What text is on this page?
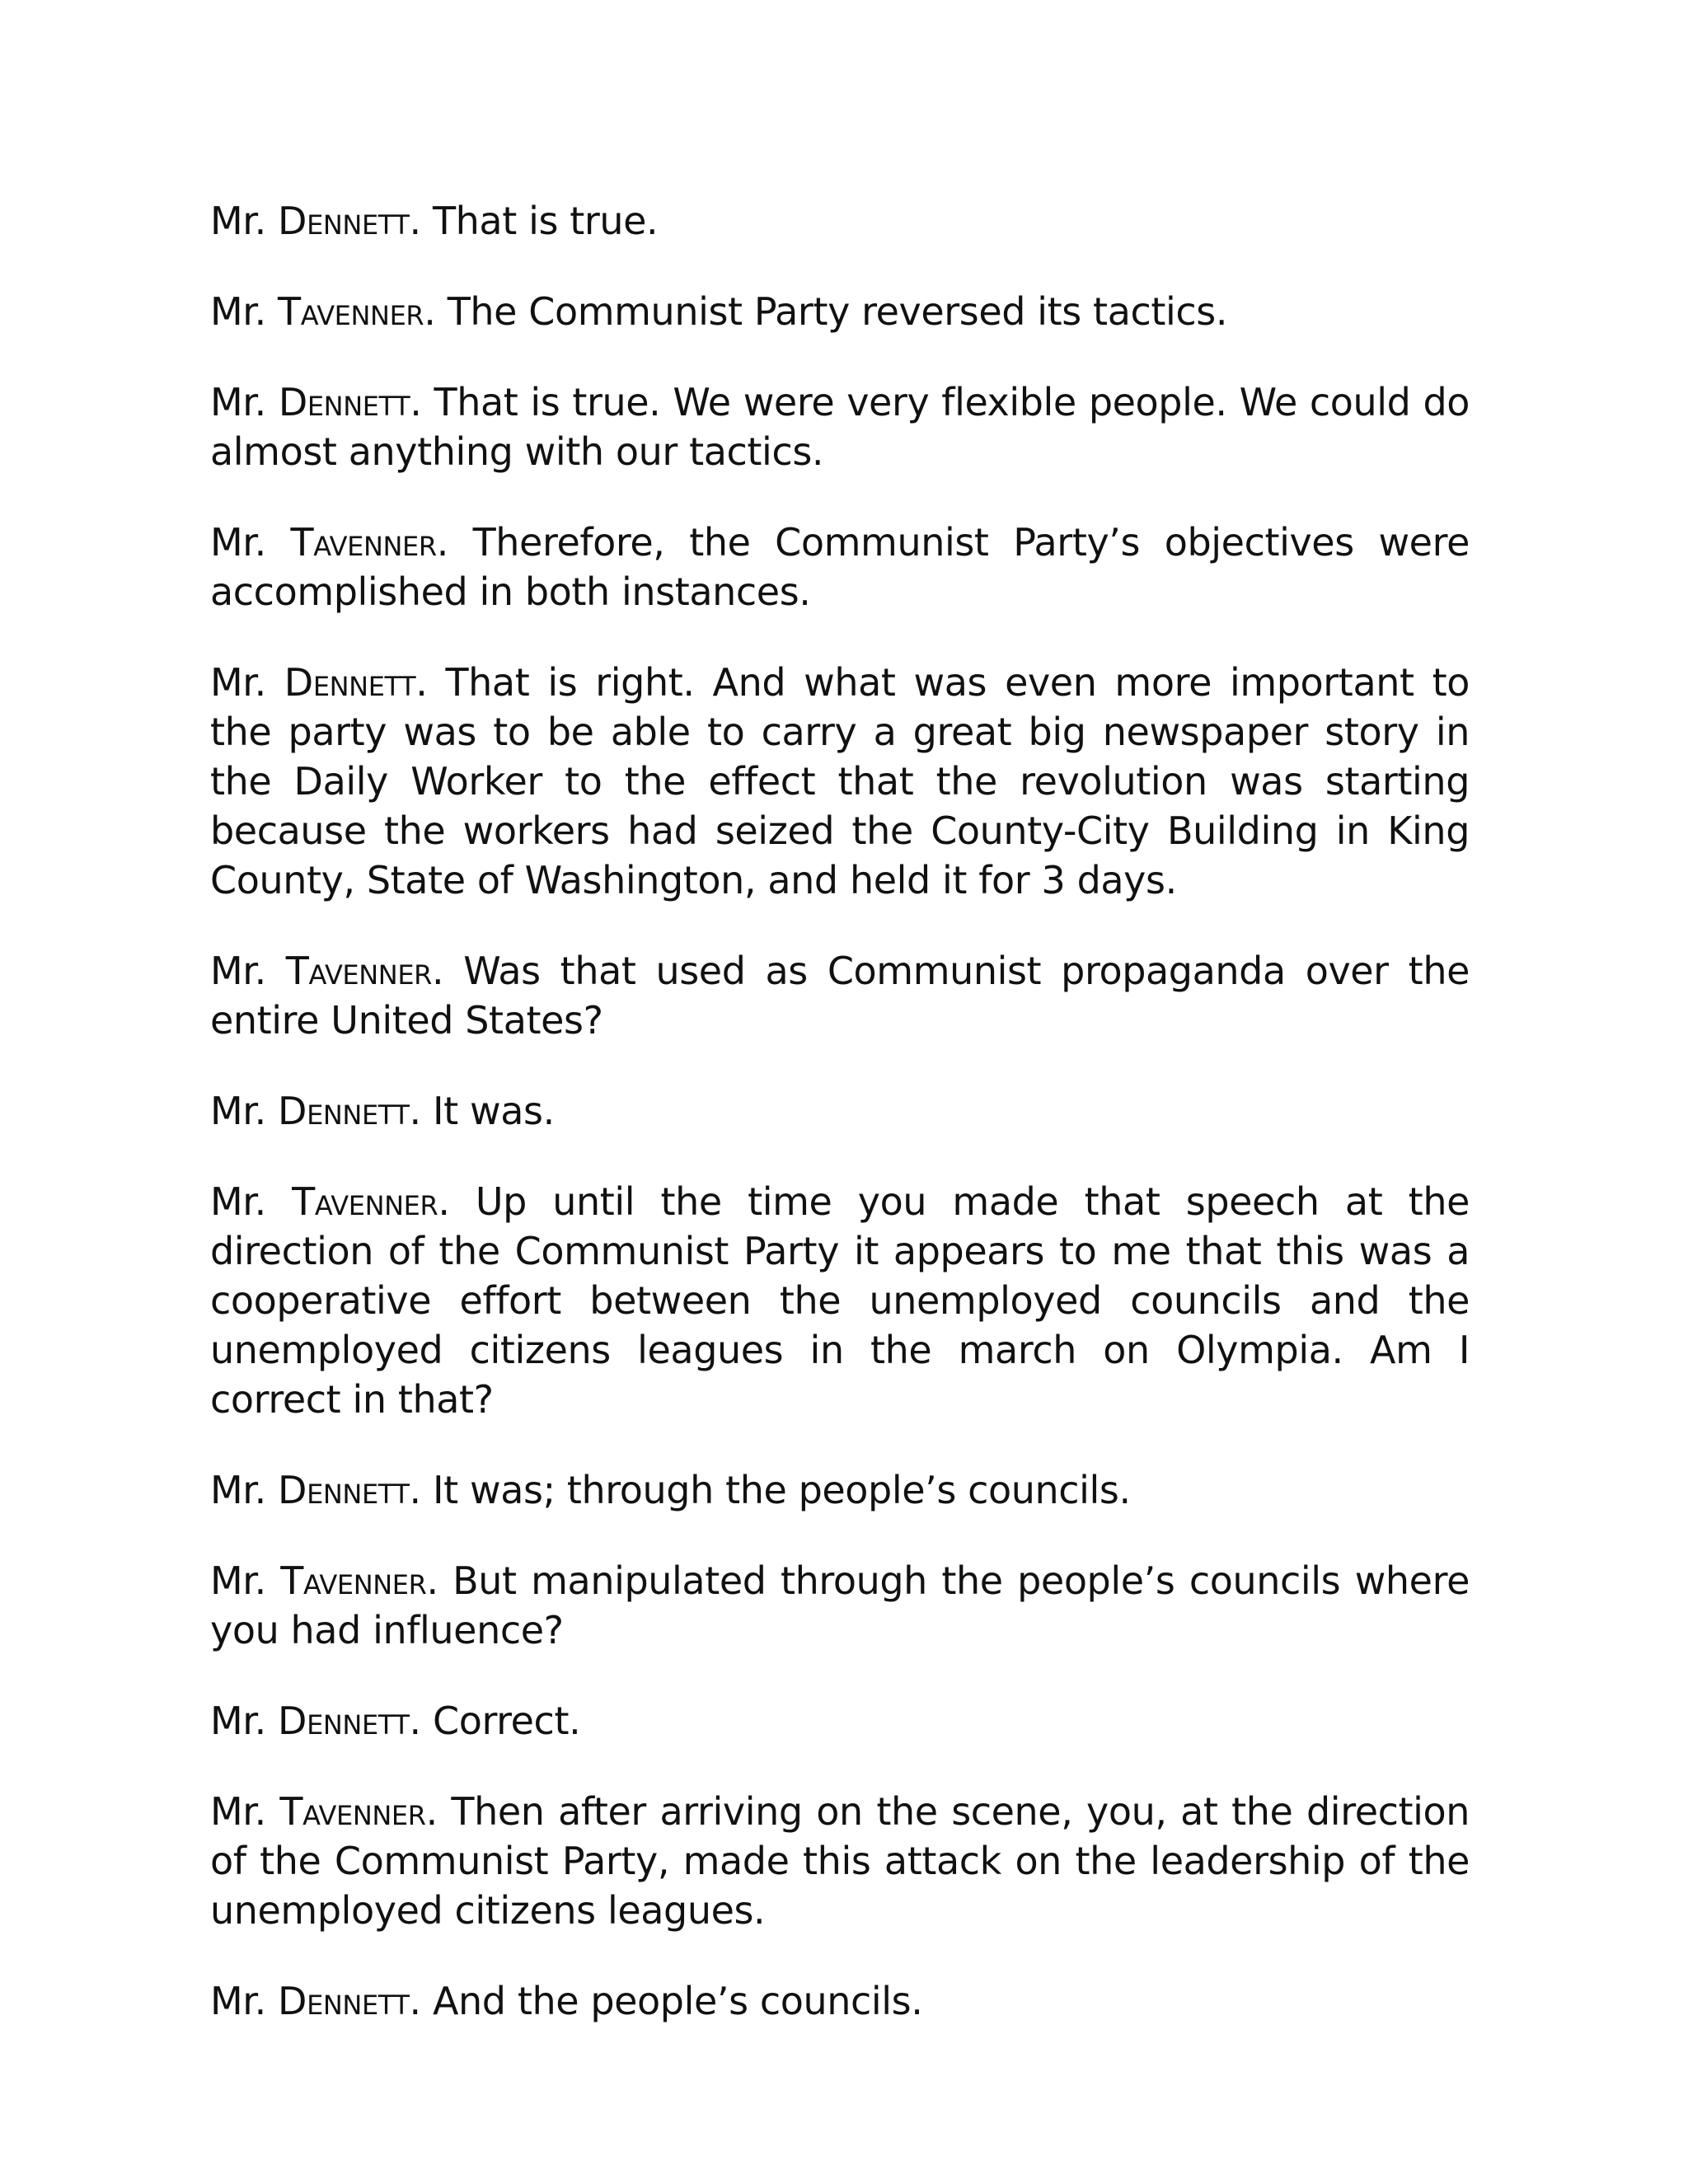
Mr. Dennett. That is true.

Mr. Tavenner. The Communist Party reversed its tactics.

Mr. Dennett. That is true. We were very flexible people. We could do almost anything with our tactics.

Mr. Tavenner. Therefore, the Communist Party’s objectives were accomplished in both instances.

Mr. Dennett. That is right. And what was even more important to the party was to be able to carry a great big newspaper story in the Daily Worker to the effect that the revolution was starting because the workers had seized the County-City Building in King County, State of Washington, and held it for 3 days.

Mr. Tavenner. Was that used as Communist propaganda over the entire United States?

Mr. Dennett. It was.

Mr. Tavenner. Up until the time you made that speech at the direction of the Communist Party it appears to me that this was a cooperative effort between the unemployed councils and the unemployed citizens leagues in the march on Olympia. Am I correct in that?

Mr. Dennett. It was; through the people’s councils.

Mr. Tavenner. But manipulated through the people’s councils where you had influence?

Mr. Dennett. Correct.

Mr. Tavenner. Then after arriving on the scene, you, at the direction of the Communist Party, made this attack on the leadership of the unemployed citizens leagues.

Mr. Dennett. And the people’s councils.
